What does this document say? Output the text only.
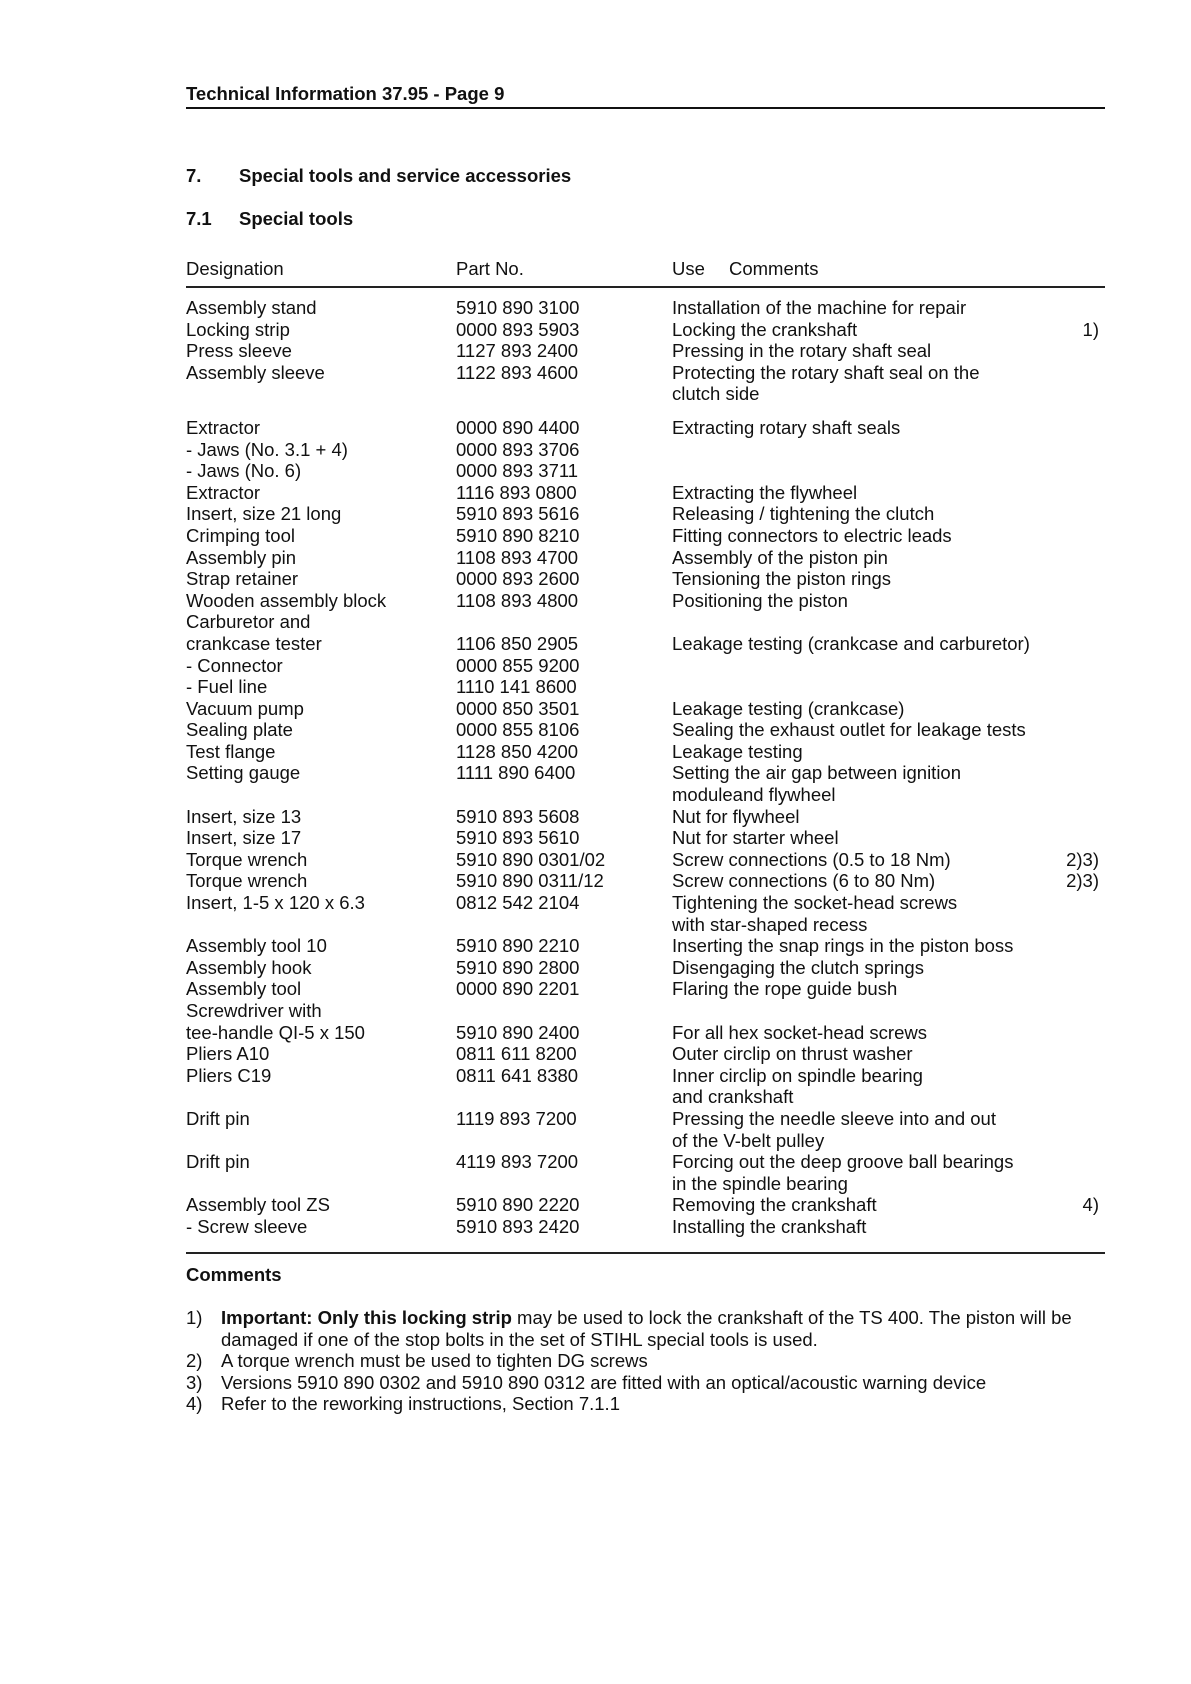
Technical Information 37.95 - Page 9
7. Special tools and service accessories
7.1 Special tools
Designation	Part No.	Use Comments
Assembly stand	5910 890 3100	Installation of the machine for repair
Locking strip	0000 893 5903	Locking the crankshaft	1)
Press sleeve	1127 893 2400	Pressing in the rotary shaft seal
Assembly sleeve	1122 893 4600	Protecting the rotary shaft seal on the
clutch side
Extractor	0000 890 4400	Extracting rotary shaft seals
- Jaws (No. 3.1 + 4)	0000 893 3706
- Jaws (No. 6)	0000 893 3711
Extractor	1116 893 0800	Extracting the flywheel
Insert, size 21 long	5910 893 5616	Releasing / tightening the clutch
Crimping tool	5910 890 8210	Fitting connectors to electric leads
Assembly pin	1108 893 4700	Assembly of the piston pin
Strap retainer	0000 893 2600	Tensioning the piston rings
Wooden assembly block	1108 893 4800	Positioning the piston
Carburetor and
crankcase tester	1106 850 2905	Leakage testing (crankcase and carburetor)
- Connector	0000 855 9200
- Fuel line	1110 141 8600
Vacuum pump	0000 850 3501	Leakage testing (crankcase)
Sealing plate	0000 855 8106	Sealing the exhaust outlet for leakage tests
Test flange	1128 850 4200	Leakage testing
Setting gauge	1111 890 6400	Setting the air gap between ignition
moduleand flywheel
Insert, size 13	5910 893 5608	Nut for flywheel
Insert, size 17	5910 893 5610	Nut for starter wheel
Torque wrench	5910 890 0301/02	Screw connections (0.5 to 18 Nm)	2)3)
Torque wrench	5910 890 0311/12	Screw connections (6 to 80 Nm)	2)3)
Insert, 1-5 x 120 x 6.3	0812 542 2104	Tightening the socket-head screws
with star-shaped recess
Assembly tool 10	5910 890 2210	Inserting the snap rings in the piston boss
Assembly hook	5910 890 2800	Disengaging the clutch springs
Assembly tool	0000 890 2201	Flaring the rope guide bush
Screwdriver with
tee-handle QI-5 x 150	5910 890 2400	For all hex socket-head screws
Pliers A10	0811 611 8200	Outer circlip on thrust washer
Pliers C19	0811 641 8380	Inner circlip on spindle bearing
and crankshaft
Drift pin	1119 893 7200	Pressing the needle sleeve into and out
of the V-belt pulley
Drift pin	4119 893 7200	Forcing out the deep groove ball bearings
in the spindle bearing
Assembly tool ZS	5910 890 2220	Removing the crankshaft	4)
- Screw sleeve	5910 893 2420	Installing the crankshaft
Comments
1) Important: Only this locking strip may be used to lock the crankshaft of the TS 400. The piston will be damaged if one of the stop bolts in the set of STIHL special tools is used.
2) A torque wrench must be used to tighten DG screws
3) Versions 5910 890 0302 and 5910 890 0312 are fitted with an optical/acoustic warning device
4) Refer to the reworking instructions, Section 7.1.1
